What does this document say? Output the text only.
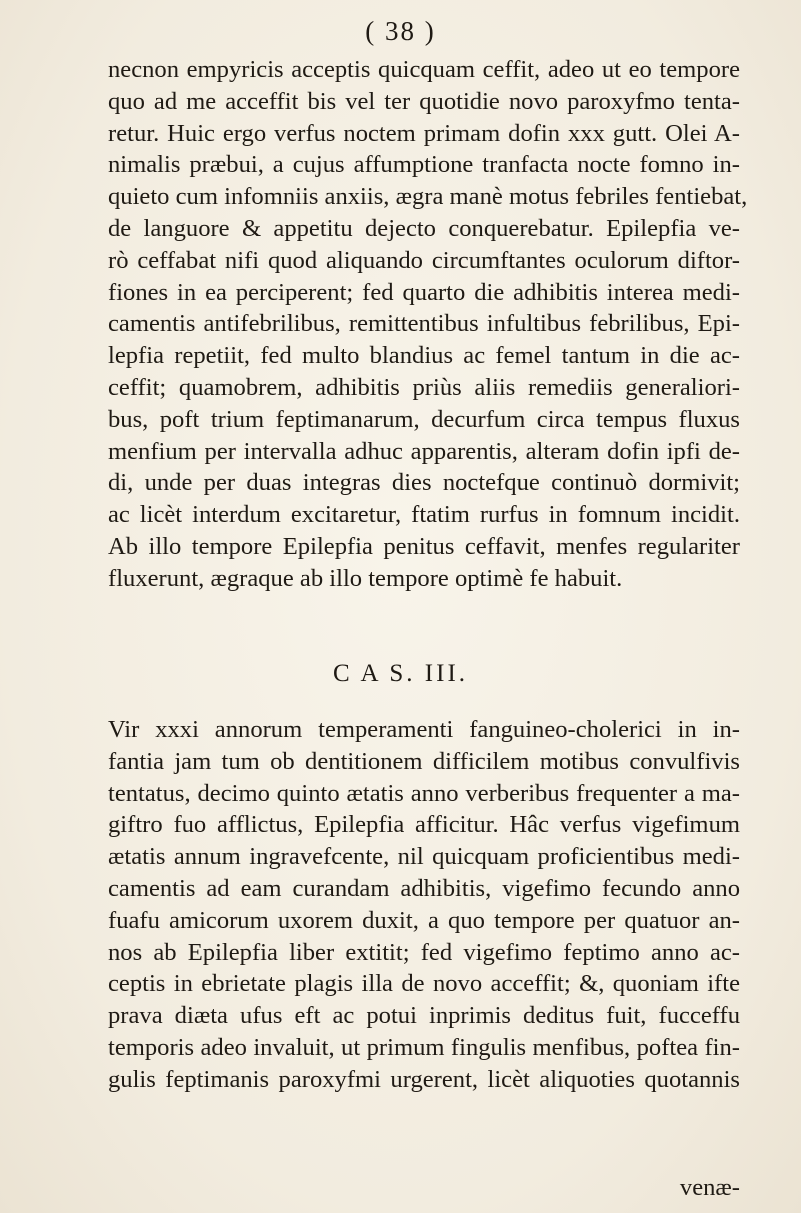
( 38 )
necnon empyricis acceptis quicquam ceffit, adeo ut eo tempore
quo ad me acceffit bis vel ter quotidie novo paroxyfmo tenta-
retur. Huic ergo verfus noctem primam dofin xxx gutt. Olei A-
nimalis præbui, a cujus affumptione tranfacta nocte fomno in-
quieto cum infomniis anxiis, ægra manè motus febriles fentiebat,
de languore & appetitu dejecto conquerebatur. Epilepfia ve-
rò ceffabat nifi quod aliquando circumftantes oculorum diftor-
fiones in ea perciperent; fed quarto die adhibitis interea medi-
camentis antifebrilibus, remittentibus infultibus febrilibus, Epi-
lepfia repetiit, fed multo blandius ac femel tantum in die ac-
ceffit; quamobrem, adhibitis priùs aliis remediis generaliori-
bus, poft trium feptimanarum, decurfum circa tempus fluxus
menfium per intervalla adhuc apparentis, alteram dofin ipfi de-
di, unde per duas integras dies noctefque continuò dormivit;
ac licèt interdum excitaretur, ftatim rurfus in fomnum incidit.
Ab illo tempore Epilepfia penitus ceffavit, menfes regulariter
fluxerunt, ægraque ab illo tempore optimè fe habuit.
C A S. III.
Vir xxxi annorum temperamenti fanguineo-cholerici in in-
fantia jam tum ob dentitionem difficilem motibus convulfivis
tentatus, decimo quinto ætatis anno verberibus frequenter a ma-
giftro fuo afflictus, Epilepfia afficitur. Hâc verfus vigefimum
ætatis annum ingravefcente, nil quicquam proficientibus medi-
camentis ad eam curandam adhibitis, vigefimo fecundo anno
fuafu amicorum uxorem duxit, a quo tempore per quatuor an-
nos ab Epilepfia liber extitit; fed vigefimo feptimo anno ac-
ceptis in ebrietate plagis illa de novo acceffit; &, quoniam ifte
prava diæta ufus eft ac potui inprimis deditus fuit, fucceffu
temporis adeo invaluit, ut primum fingulis menfibus, poftea fin-
gulis feptimanis paroxyfmi urgerent, licèt aliquoties quotannis
venæ-
